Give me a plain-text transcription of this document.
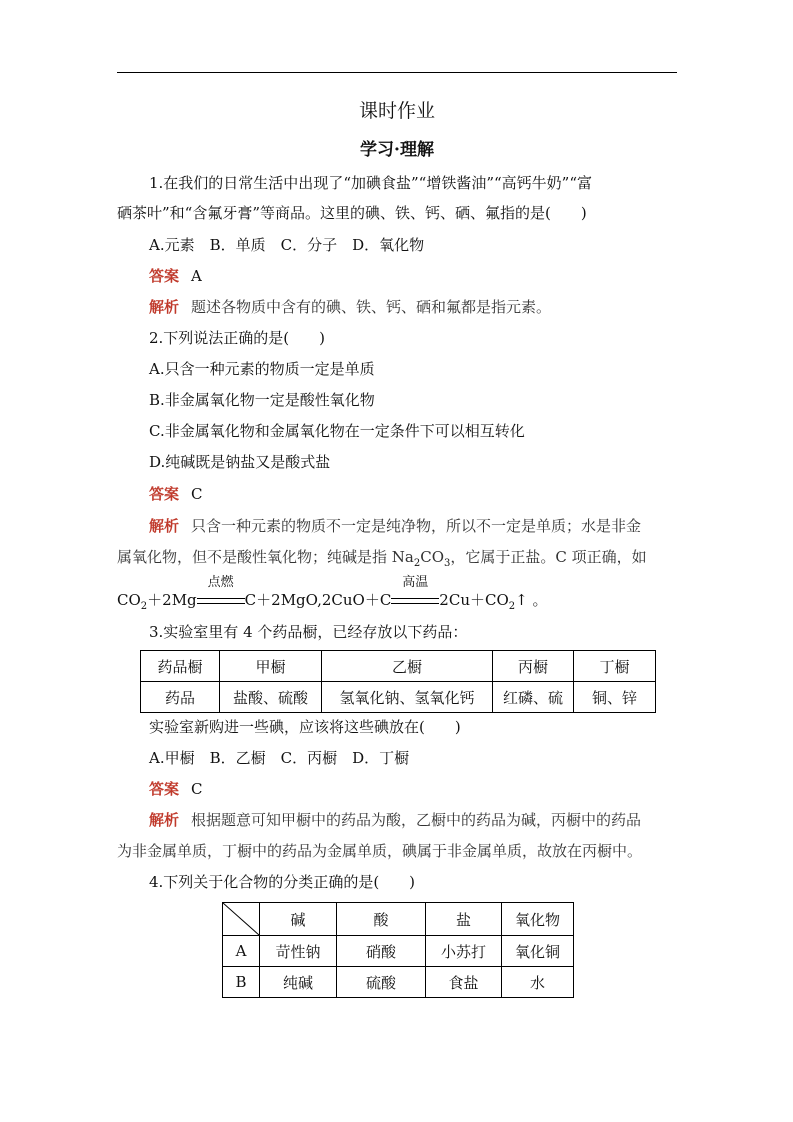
课时作业
学习·理解
1.在我们的日常生活中出现了“加碘食盐”“增铁酱油”“高钙牛奶”“富
硒茶叶”和“含氟牙膏”等商品。这里的碘、铁、钙、硒、氟指的是(　　)
A.元素　B．单质　C．分子　D．氧化物
答案 A
解析 题述各物质中含有的碘、铁、钙、硒和氟都是指元素。
2.下列说法正确的是(　　)
A.只含一种元素的物质一定是单质
B.非金属氧化物一定是酸性氧化物
C.非金属氧化物和金属氧化物在一定条件下可以相互转化
D.纯碱既是钠盐又是酸式盐
答案 C
解析 只含一种元素的物质不一定是纯净物，所以不一定是单质；水是非金
属氧化物，但不是酸性氧化物；纯碱是指 $Na_2CO_3$，它属于正盐。C 项正确，如
$CO_2+2Mg$
点燃
C＋2MgO,2CuO＋C
高温
$2Cu+CO_2↑$ 。
3.实验室里有 4 个药品橱，已经存放以下药品：
药品橱	甲橱	乙橱	丙橱	丁橱
药品	盐酸、硫酸	氢氧化钠、氢氧化钙	红磷、硫	铜、锌
实验室新购进一些碘，应该将这些碘放在(　　)
A.甲橱　B．乙橱　C．丙橱　D．丁橱
答案 C
解析 根据题意可知甲橱中的药品为酸，乙橱中的药品为碱，丙橱中的药品
为非金属单质，丁橱中的药品为金属单质，碘属于非金属单质，故放在丙橱中。
4.下列关于化合物的分类正确的是(　　)
	碱	酸	盐	氧化物
A	苛性钠	硝酸	小苏打	氧化铜
B	纯碱	硫酸	食盐	水
